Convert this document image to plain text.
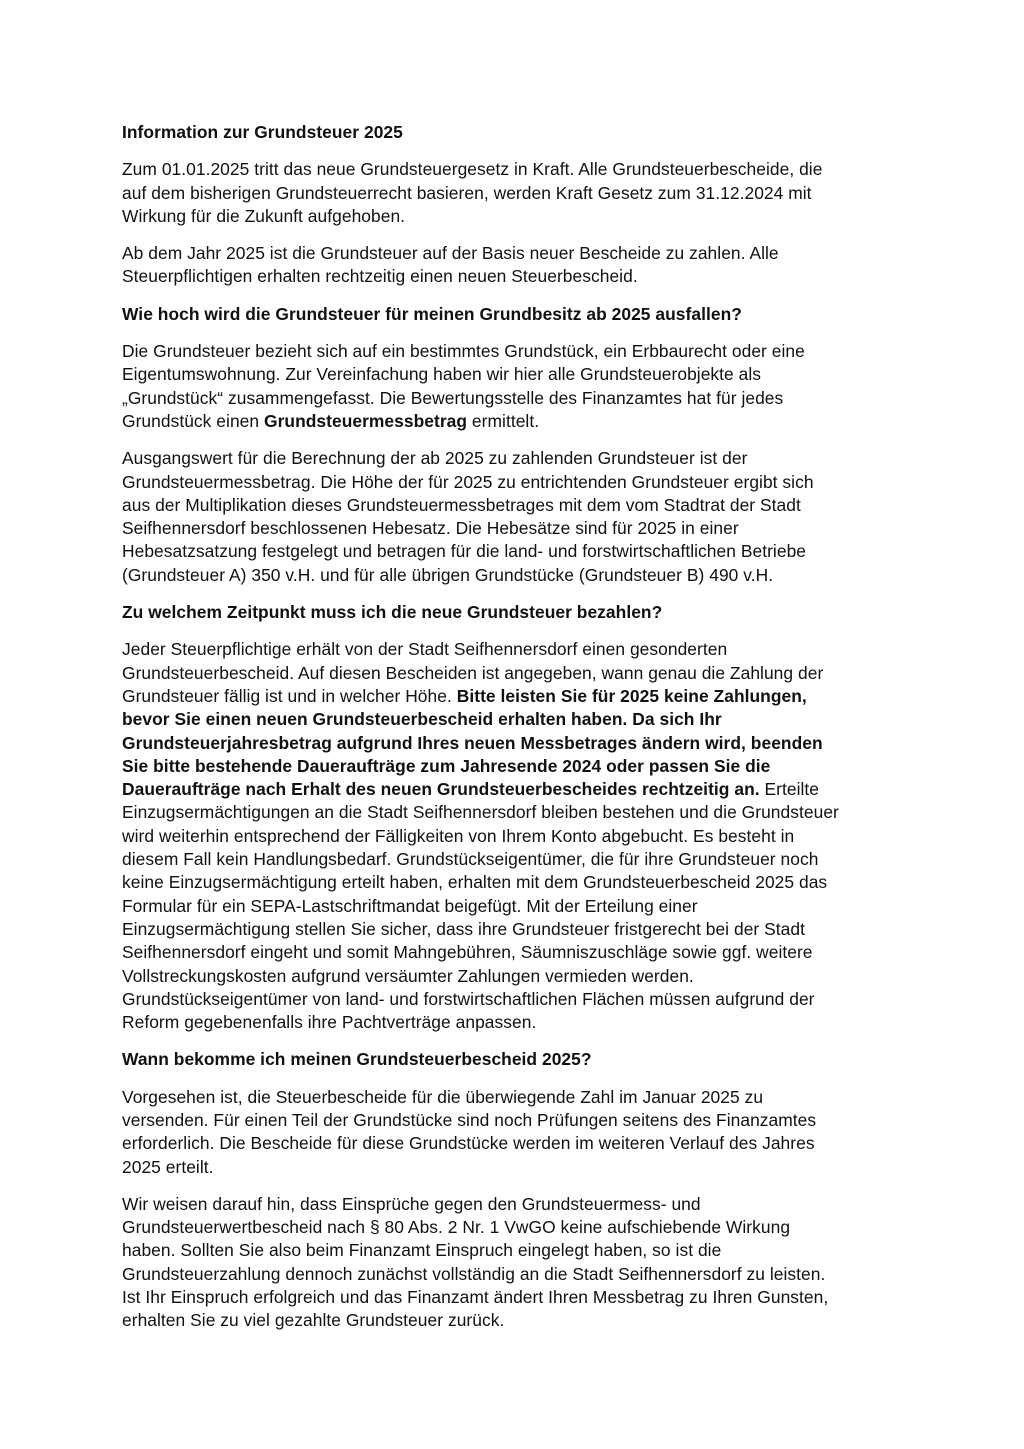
Information zur Grundsteuer 2025

Zum 01.01.2025 tritt das neue Grundsteuergesetz in Kraft. Alle Grundsteuerbescheide, die
auf dem bisherigen Grundsteuerrecht basieren, werden Kraft Gesetz zum 31.12.2024 mit
Wirkung für die Zukunft aufgehoben.

Ab dem Jahr 2025 ist die Grundsteuer auf der Basis neuer Bescheide zu zahlen. Alle
Steuerpflichtigen erhalten rechtzeitig einen neuen Steuerbescheid.

Wie hoch wird die Grundsteuer für meinen Grundbesitz ab 2025 ausfallen?

Die Grundsteuer bezieht sich auf ein bestimmtes Grundstück, ein Erbbaurecht oder eine
Eigentumswohnung. Zur Vereinfachung haben wir hier alle Grundsteuerobjekte als
„Grundstück“ zusammengefasst. Die Bewertungsstelle des Finanzamtes hat für jedes
Grundstück einen Grundsteuermessbetrag ermittelt.

Ausgangswert für die Berechnung der ab 2025 zu zahlenden Grundsteuer ist der
Grundsteuermessbetrag. Die Höhe der für 2025 zu entrichtenden Grundsteuer ergibt sich
aus der Multiplikation dieses Grundsteuermessbetrages mit dem vom Stadtrat der Stadt
Seifhennersdorf beschlossenen Hebesatz. Die Hebesätze sind für 2025 in einer
Hebesatzsatzung festgelegt und betragen für die land- und forstwirtschaftlichen Betriebe
(Grundsteuer A) 350 v.H. und für alle übrigen Grundstücke (Grundsteuer B) 490 v.H.

Zu welchem Zeitpunkt muss ich die neue Grundsteuer bezahlen?

Jeder Steuerpflichtige erhält von der Stadt Seifhennersdorf einen gesonderten
Grundsteuerbescheid. Auf diesen Bescheiden ist angegeben, wann genau die Zahlung der
Grundsteuer fällig ist und in welcher Höhe. Bitte leisten Sie für 2025 keine Zahlungen,
bevor Sie einen neuen Grundsteuerbescheid erhalten haben. Da sich Ihr
Grundsteuerjahresbetrag aufgrund Ihres neuen Messbetrages ändern wird, beenden
Sie bitte bestehende Daueraufträge zum Jahresende 2024 oder passen Sie die
Daueraufträge nach Erhalt des neuen Grundsteuerbescheides rechtzeitig an. Erteilte
Einzugsermächtigungen an die Stadt Seifhennersdorf bleiben bestehen und die Grundsteuer
wird weiterhin entsprechend der Fälligkeiten von Ihrem Konto abgebucht. Es besteht in
diesem Fall kein Handlungsbedarf. Grundstückseigentümer, die für ihre Grundsteuer noch
keine Einzugsermächtigung erteilt haben, erhalten mit dem Grundsteuerbescheid 2025 das
Formular für ein SEPA-Lastschriftmandat beigefügt. Mit der Erteilung einer
Einzugsermächtigung stellen Sie sicher, dass ihre Grundsteuer fristgerecht bei der Stadt
Seifhennersdorf eingeht und somit Mahngebühren, Säumniszuschläge sowie ggf. weitere
Vollstreckungskosten aufgrund versäumter Zahlungen vermieden werden.
Grundstückseigentümer von land- und forstwirtschaftlichen Flächen müssen aufgrund der
Reform gegebenenfalls ihre Pachtverträge anpassen.

Wann bekomme ich meinen Grundsteuerbescheid 2025?

Vorgesehen ist, die Steuerbescheide für die überwiegende Zahl im Januar 2025 zu
versenden. Für einen Teil der Grundstücke sind noch Prüfungen seitens des Finanzamtes
erforderlich. Die Bescheide für diese Grundstücke werden im weiteren Verlauf des Jahres
2025 erteilt.

Wir weisen darauf hin, dass Einsprüche gegen den Grundsteuermess- und
Grundsteuerwertbescheid nach § 80 Abs. 2 Nr. 1 VwGO keine aufschiebende Wirkung
haben. Sollten Sie also beim Finanzamt Einspruch eingelegt haben, so ist die
Grundsteuerzahlung dennoch zunächst vollständig an die Stadt Seifhennersdorf zu leisten.
Ist Ihr Einspruch erfolgreich und das Finanzamt ändert Ihren Messbetrag zu Ihren Gunsten,
erhalten Sie zu viel gezahlte Grundsteuer zurück.
